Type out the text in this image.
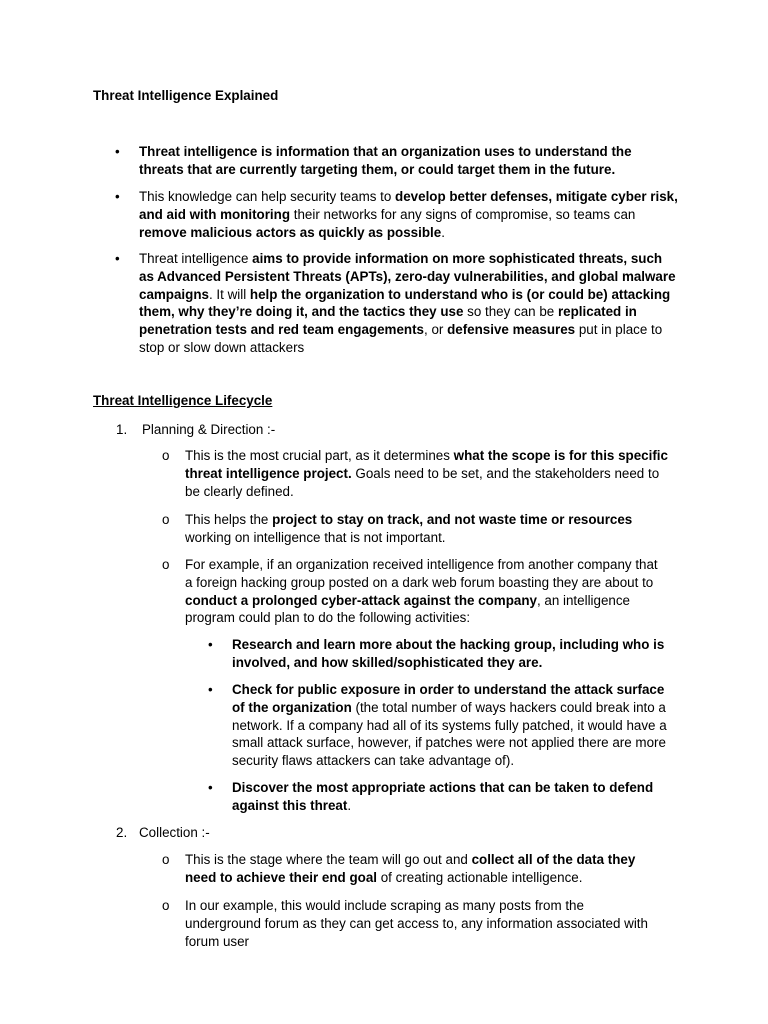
Threat Intelligence Explained

• Threat intelligence is information that an organization uses to understand the threats that are currently targeting them, or could target them in the future.
• This knowledge can help security teams to develop better defenses, mitigate cyber risk, and aid with monitoring their networks for any signs of compromise, so teams can remove malicious actors as quickly as possible.
• Threat intelligence aims to provide information on more sophisticated threats, such as Advanced Persistent Threats (APTs), zero-day vulnerabilities, and global malware campaigns. It will help the organization to understand who is (or could be) attacking them, why they’re doing it, and the tactics they use so they can be replicated in penetration tests and red team engagements, or defensive measures put in place to stop or slow down attackers

Threat Intelligence Lifecycle

1. Planning & Direction :-
o This is the most crucial part, as it determines what the scope is for this specific threat intelligence project. Goals need to be set, and the stakeholders need to be clearly defined.
o This helps the project to stay on track, and not waste time or resources working on intelligence that is not important.
o For example, if an organization received intelligence from another company that a foreign hacking group posted on a dark web forum boasting they are about to conduct a prolonged cyber-attack against the company, an intelligence program could plan to do the following activities:
• Research and learn more about the hacking group, including who is involved, and how skilled/sophisticated they are.
• Check for public exposure in order to understand the attack surface of the organization (the total number of ways hackers could break into a network. If a company had all of its systems fully patched, it would have a small attack surface, however, if patches were not applied there are more security flaws attackers can take advantage of).
• Discover the most appropriate actions that can be taken to defend against this threat.
2. Collection :-
o This is the stage where the team will go out and collect all of the data they need to achieve their end goal of creating actionable intelligence.
o In our example, this would include scraping as many posts from the underground forum as they can get access to, any information associated with forum user
